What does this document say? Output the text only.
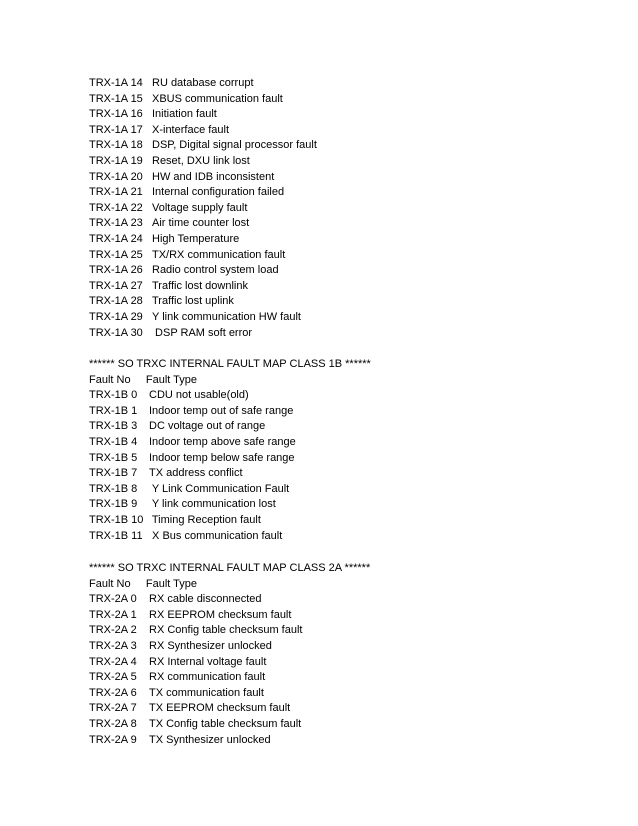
TRX-1A 14 RU database corrupt
TRX-1A 15 XBUS communication fault
TRX-1A 16 Initiation fault
TRX-1A 17 X-interface fault
TRX-1A 18 DSP, Digital signal processor fault
TRX-1A 19 Reset, DXU link lost
TRX-1A 20 HW and IDB inconsistent
TRX-1A 21 Internal configuration failed
TRX-1A 22 Voltage supply fault
TRX-1A 23 Air time counter lost
TRX-1A 24 High Temperature
TRX-1A 25 TX/RX communication fault
TRX-1A 26 Radio control system load
TRX-1A 27 Traffic lost downlink
TRX-1A 28 Traffic lost uplink
TRX-1A 29 Y link communication HW fault
TRX-1A 30 DSP RAM soft error
****** SO TRXC INTERNAL FAULT MAP CLASS 1B ******
Fault No Fault Type
TRX-1B 0 CDU not usable(old)
TRX-1B 1 Indoor temp out of safe range
TRX-1B 3 DC voltage out of range
TRX-1B 4 Indoor temp above safe range
TRX-1B 5 Indoor temp below safe range
TRX-1B 7 TX address conflict
TRX-1B 8 Y Link Communication Fault
TRX-1B 9 Y link communication lost
TRX-1B 10 Timing Reception fault
TRX-1B 11 X Bus communication fault
****** SO TRXC INTERNAL FAULT MAP CLASS 2A ******
Fault No Fault Type
TRX-2A 0 RX cable disconnected
TRX-2A 1 RX EEPROM checksum fault
TRX-2A 2 RX Config table checksum fault
TRX-2A 3 RX Synthesizer unlocked
TRX-2A 4 RX Internal voltage fault
TRX-2A 5 RX communication fault
TRX-2A 6 TX communication fault
TRX-2A 7 TX EEPROM checksum fault
TRX-2A 8 TX Config table checksum fault
TRX-2A 9 TX Synthesizer unlocked
